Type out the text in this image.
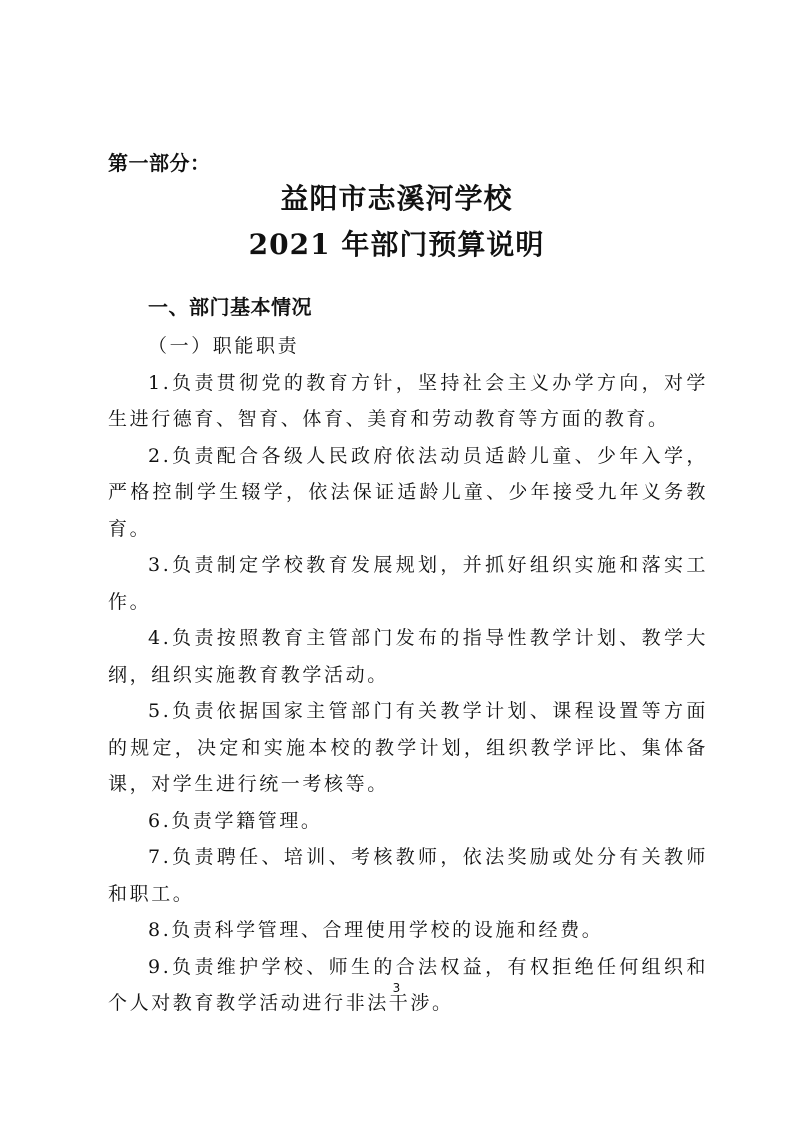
第一部分：
益阳市志溪河学校
2021 年部门预算说明
一、部门基本情况

（一）职能职责

1.负责贯彻党的教育方针，坚持社会主义办学方向，对学生进行德育、智育、体育、美育和劳动教育等方面的教育。

2.负责配合各级人民政府依法动员适龄儿童、少年入学，严格控制学生辍学，依法保证适龄儿童、少年接受九年义务教育。

3.负责制定学校教育发展规划，并抓好组织实施和落实工作。

4.负责按照教育主管部门发布的指导性教学计划、教学大纲，组织实施教育教学活动。

5.负责依据国家主管部门有关教学计划、课程设置等方面的规定，决定和实施本校的教学计划，组织教学评比、集体备课，对学生进行统一考核等。

6.负责学籍管理。

7.负责聘任、培训、考核教师，依法奖励或处分有关教师和职工。

8.负责科学管理、合理使用学校的设施和经费。

9.负责维护学校、师生的合法权益，有权拒绝任何组织和个人对教育教学活动进行非法干涉。

3
